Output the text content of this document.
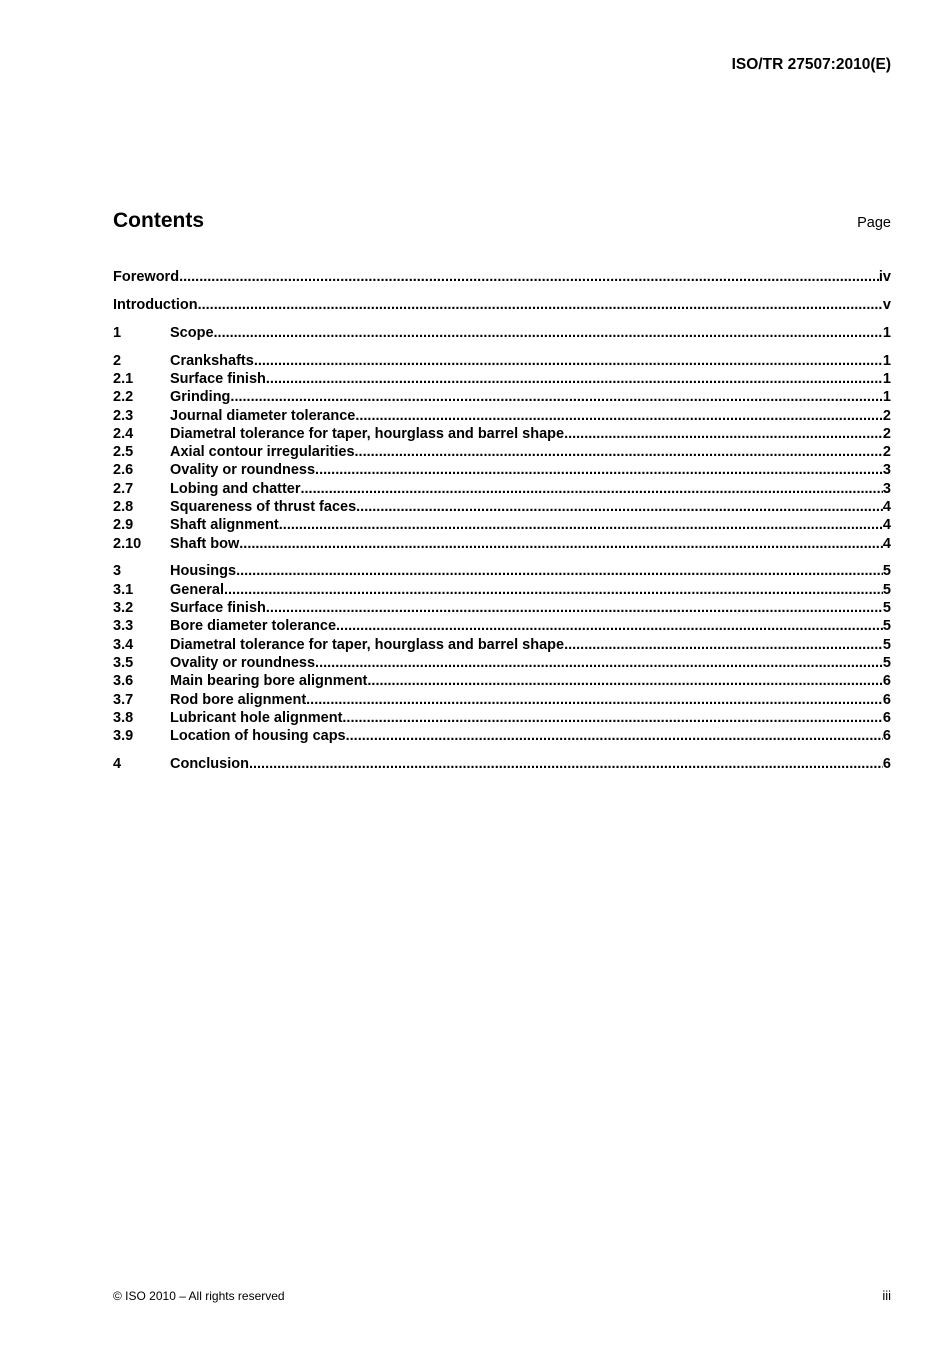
ISO/TR 27507:2010(E)
Contents	Page
Foreword .....	iv
Introduction .....	v
1	Scope .....	1
2	Crankshafts .....	1
2.1	Surface finish .....	1
2.2	Grinding .....	1
2.3	Journal diameter tolerance .....	2
2.4	Diametral tolerance for taper, hourglass and barrel shape .....	2
2.5	Axial contour irregularities .....	2
2.6	Ovality or roundness .....	3
2.7	Lobing and chatter .....	3
2.8	Squareness of thrust faces .....	4
2.9	Shaft alignment .....	4
2.10	Shaft bow .....	4
3	Housings .....	5
3.1	General .....	5
3.2	Surface finish .....	5
3.3	Bore diameter tolerance .....	5
3.4	Diametral tolerance for taper, hourglass and barrel shape .....	5
3.5	Ovality or roundness .....	5
3.6	Main bearing bore alignment .....	6
3.7	Rod bore alignment .....	6
3.8	Lubricant hole alignment .....	6
3.9	Location of housing caps .....	6
4	Conclusion .....	6
© ISO 2010 – All rights reserved	iii
